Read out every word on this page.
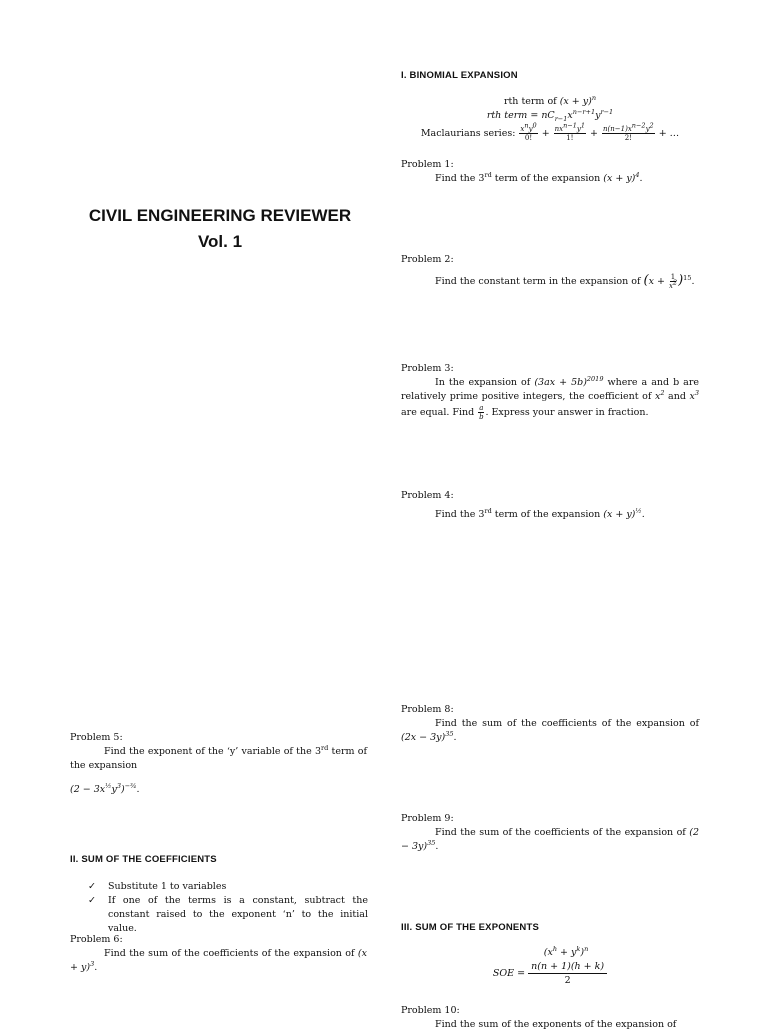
CIVIL ENGINEERING REVIEWER
Vol. 1
Problem 5:
Find the exponent of the ‘y’ variable of the 3rd term of the expansion
$(2 - 3x^{\frac{1}{2}}y^3)^{-\frac{3}{4}}$.
II. SUM OF THE COEFFICIENTS
✓	Substitute 1 to variables
✓	If one of the terms is a constant, subtract the constant raised to the exponent ‘n’ to the initial value.
Problem 6:
Find the sum of the coefficients of the expansion of $(x + y)^3$.
I. BINOMIAL EXPANSION
rth term of $(x + y)^n$
rth term = $nC_{r-1}x^{n-r+1}y^{r-1}$
Maclaurians series: $\frac{x^ny^0}{0!} + \frac{nx^{n-1}y^1}{1!} + \frac{n(n-1)x^{n-2}y^2}{2!}$ + …
Problem 1:
Find the 3rd term of the expansion $(x + y)^4$.
Problem 2:
Find the constant term in the expansion of $(x + \frac{1}{x^2} )^{15}$.
Problem 3:
In the expansion of $(3ax + 5b)^{2019}$ where a and b are relatively prime positive integers, the coefficient of $x^2$ and $x^3$ are equal. Find $\frac{a}{b}$ . Express your answer in fraction.
Problem 4:
Find the 3rd term of the expansion $(x + y)^{\frac{1}{2}}$.
Problem 8:
Find the sum of the coefficients of the expansion of $(2x - 3y)^{35}$.
Problem 9:
Find the sum of the coefficients of the expansion of $(2 - 3y)^{35}$.
III. SUM OF THE EXPONENTS
$(x^h + y^k)^n$
SOE = $\frac{n(n + 1)(h + k)}{2}$
Problem 10:
Find the sum of the exponents of the expansion of
